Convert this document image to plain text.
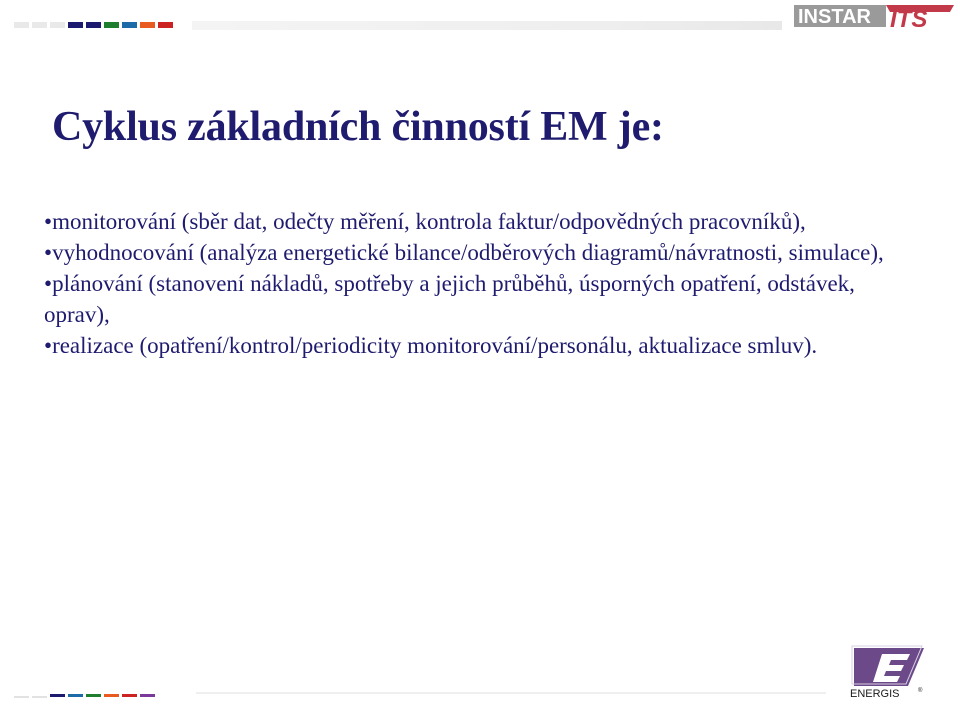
INSTAR ITS
Cyklus základních činností EM je:

•monitorování (sběr dat, odečty měření, kontrola faktur/odpovědných pracovníků),

•vyhodnocování (analýza energetické bilance/odběrových diagramů/návratnosti, simulace),

•plánování (stanovení nákladů, spotřeby a jejich průběhů, úsporných opatření, odstávek, oprav),

•realizace (opatření/kontrol/periodicity monitorování/personálu, aktualizace smluv).

ENERGIS	®
